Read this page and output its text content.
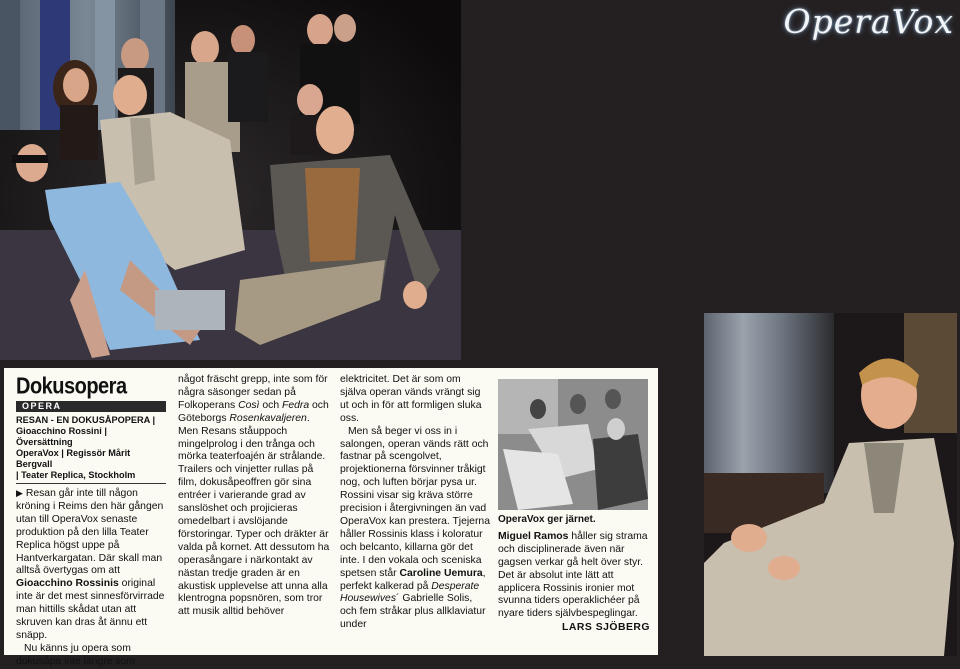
OperaVox
Dokusopera
OPERA
RESAN - EN DOKUSÅPOPERA |
Gioacchino Rossini | Översättning
OperaVox | Regissör Mårit Bergvall
| Teater Replica, Stockholm

▶ Resan går inte till någon kröning i Reims den här gången utan till OperaVox senaste produktion på den lilla Teater Replica högst uppe på Hantverkargatan. Där skall man alltså övertygas om att Gioacchino Rossinis original inte är det mest sinnesförvirrade man hittills skådat utan att skruven kan dras åt ännu ett snäpp.

Nu känns ju opera som dokusåpa inte längre som

något fräscht grepp, inte som för några säsonger sedan på Folkoperans Così och Fedra och Göteborgs Rosenkavaljeren. Men Resans ståuppoch mingelprolog i den trånga och mörka teaterfoajén är strålande. Trailers och vinjetter rullas på film, dokusåpeoffren gör sina entréer i varierande grad av sanslöshet och projicieras omedelbart i avslöjande förstoringar. Typer och dräkter är valda på kornet. Att dessutom ha operasångare i närkontakt av nästan tredje graden är en akustisk upplevelse att unna alla klentrogna popsnören, som tror att musik alltid behöver

elektricitet. Det är som om själva operan vänds vrängt sig ut och in för att formligen sluka oss.

Men så beger vi oss in i salongen, operan vänds rätt och fastnar på scengolvet, projektionerna försvinner tråkigt nog, och luften börjar pysa ur. Rossini visar sig kräva större precision i återgivningen än vad OperaVox kan prestera. Tjejerna håller Rossinis klass i koloratur och belcanto, killarna gör det inte. I den vokala och sceniska spetsen står Caroline Uemura, perfekt kalkerad på Desperate Housewives´ Gabrielle Solis, och fem stråkar plus allklaviatur under

OperaVox ger järnet.

Miguel Ramos håller sig strama och disciplinerade även när gagsen verkar gå helt över styr. Det är absolut inte lätt att applicera Rossinis ironier mot svunna tiders operaklichéer på nyare tiders självbespeglingar.

LARS SJÖBERG
